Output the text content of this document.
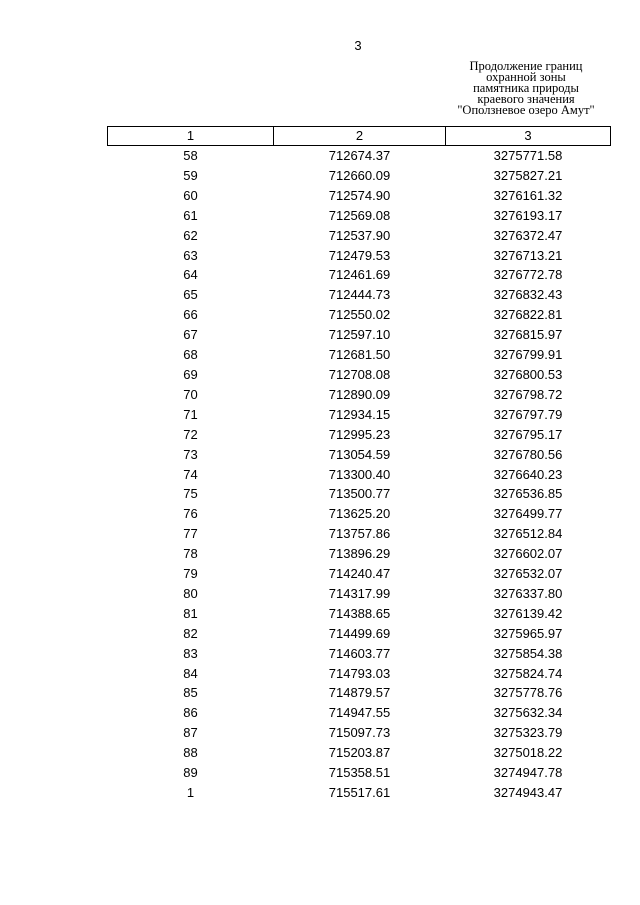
3
Продолжение границ
охранной зоны
памятника природы
краевого значения
"Оползневое озеро Амут"
1	2	3
58	712674.37	3275771.58
59	712660.09	3275827.21
60	712574.90	3276161.32
61	712569.08	3276193.17
62	712537.90	3276372.47
63	712479.53	3276713.21
64	712461.69	3276772.78
65	712444.73	3276832.43
66	712550.02	3276822.81
67	712597.10	3276815.97
68	712681.50	3276799.91
69	712708.08	3276800.53
70	712890.09	3276798.72
71	712934.15	3276797.79
72	712995.23	3276795.17
73	713054.59	3276780.56
74	713300.40	3276640.23
75	713500.77	3276536.85
76	713625.20	3276499.77
77	713757.86	3276512.84
78	713896.29	3276602.07
79	714240.47	3276532.07
80	714317.99	3276337.80
81	714388.65	3276139.42
82	714499.69	3275965.97
83	714603.77	3275854.38
84	714793.03	3275824.74
85	714879.57	3275778.76
86	714947.55	3275632.34
87	715097.73	3275323.79
88	715203.87	3275018.22
89	715358.51	3274947.78
1	715517.61	3274943.47
